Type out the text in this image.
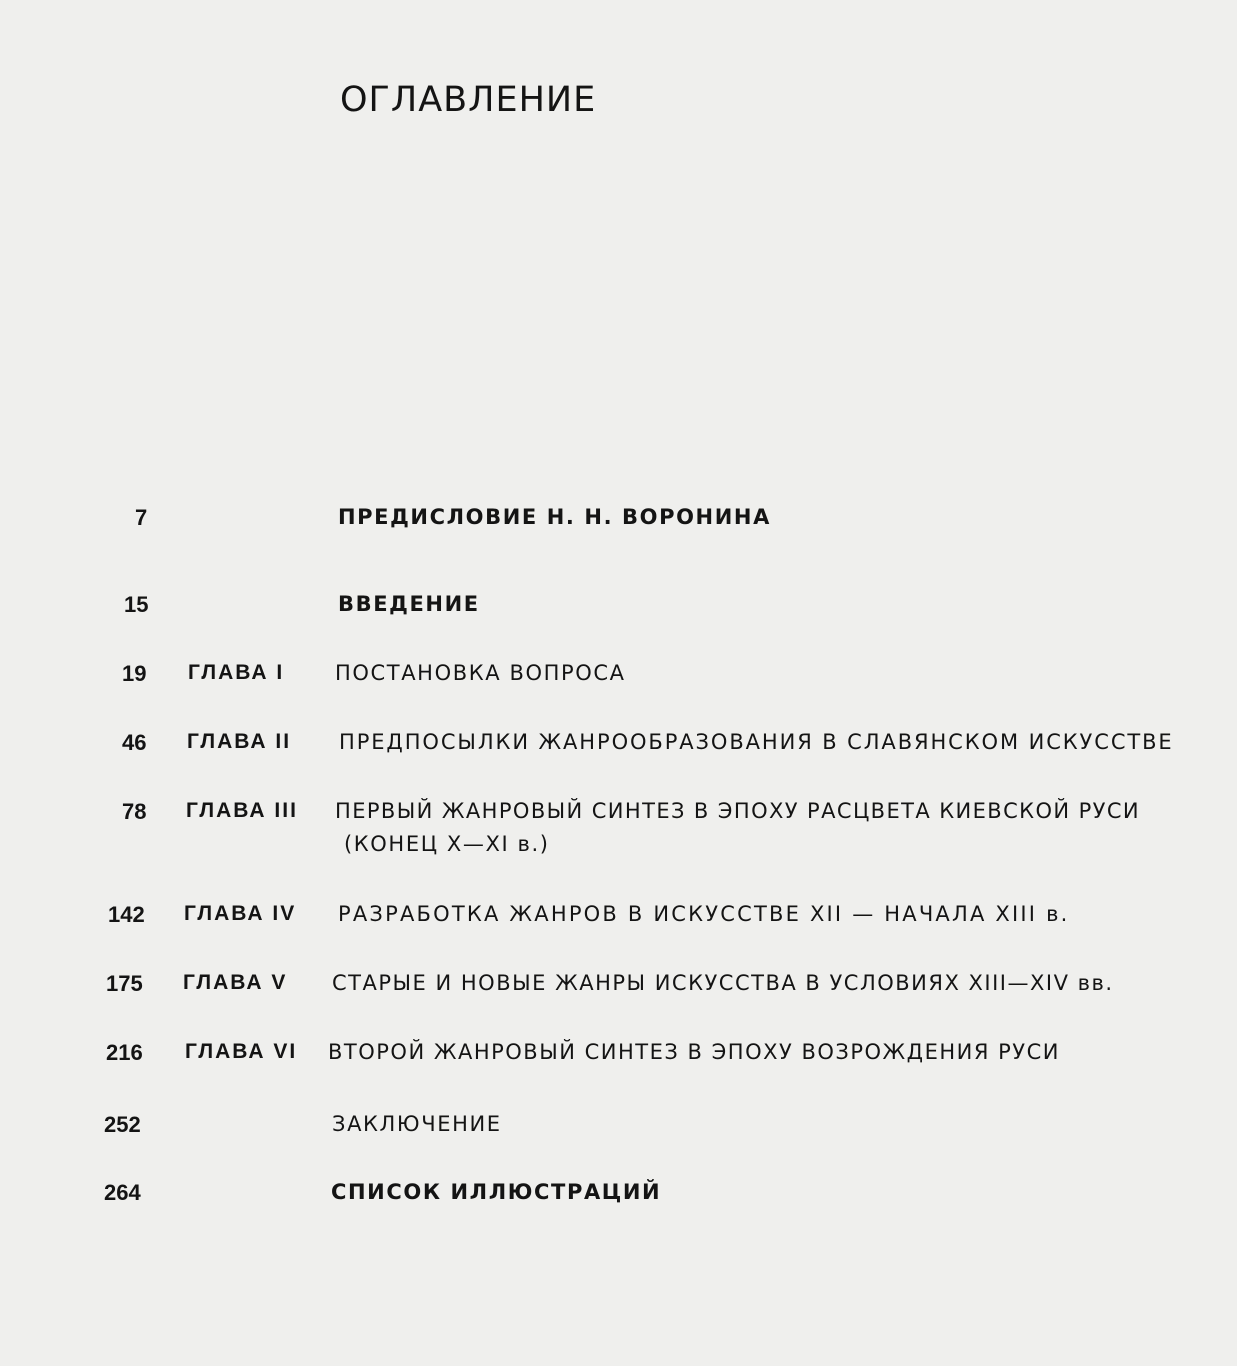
ОГЛАВЛЕНИЕ
7	ПРЕДИСЛОВИЕ Н. Н. ВОРОНИНА
15	ВВЕДЕНИЕ
19 ГЛАВА I ПОСТАНОВКА ВОПРОСА
46 ГЛАВА II ПРЕДПОСЫЛКИ ЖАНРООБРАЗОВАНИЯ В СЛАВЯНСКОМ ИСКУССТВЕ
78 ГЛАВА III ПЕРВЫЙ ЖАНРОВЫЙ СИНТЕЗ В ЭПОХУ РАСЦВЕТА КИЕВСКОЙ РУСИ
(КОНЕЦ X—XI в.)
142 ГЛАВА IV РАЗРАБОТКА ЖАНРОВ В ИСКУССТВЕ XII — НАЧАЛА XIII в.
175 ГЛАВА V СТАРЫЕ И НОВЫЕ ЖАНРЫ ИСКУССТВА В УСЛОВИЯХ XIII—XIV вв.
216 ГЛАВА VI ВТОРОЙ ЖАНРОВЫЙ СИНТЕЗ В ЭПОХУ ВОЗРОЖДЕНИЯ РУСИ
252	ЗАКЛЮЧЕНИЕ
264	СПИСОК ИЛЛЮСТРАЦИЙ
